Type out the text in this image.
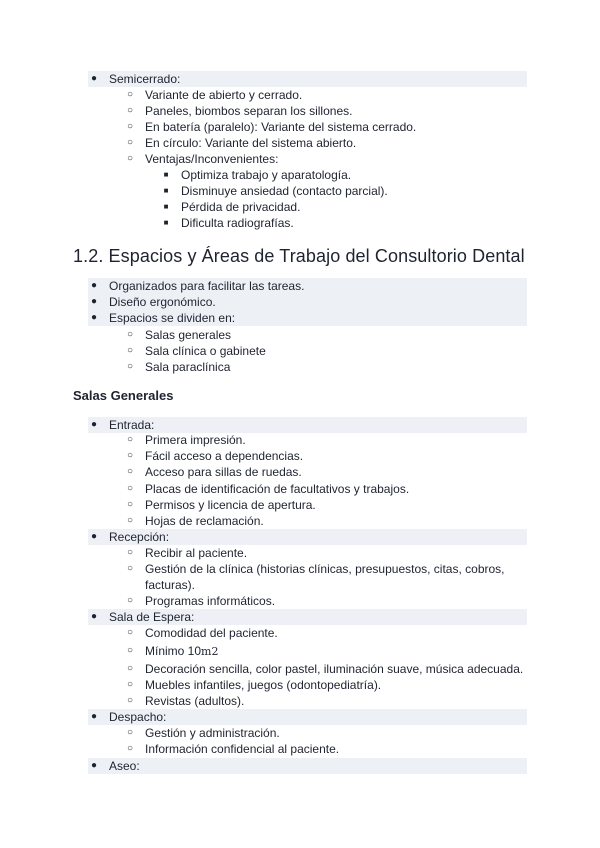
● Semicerrado:
○ Variante de abierto y cerrado.
○ Paneles, biombos separan los sillones.
○ En batería (paralelo): Variante del sistema cerrado.
○ En círculo: Variante del sistema abierto.
○ Ventajas/Inconvenientes:
■ Optimiza trabajo y aparatología.
■ Disminuye ansiedad (contacto parcial).
■ Pérdida de privacidad.
■ Dificulta radiografías.
1.2. Espacios y Áreas de Trabajo del Consultorio Dental
● Organizados para facilitar las tareas.
● Diseño ergonómico.
● Espacios se dividen en:
○ Salas generales
○ Sala clínica o gabinete
○ Sala paraclínica
Salas Generales
● Entrada:
○ Primera impresión.
○ Fácil acceso a dependencias.
○ Acceso para sillas de ruedas.
○ Placas de identificación de facultativos y trabajos.
○ Permisos y licencia de apertura.
○ Hojas de reclamación.
● Recepción:
○ Recibir al paciente.
○ Gestión de la clínica (historias clínicas, presupuestos, citas, cobros,
facturas).
○ Programas informáticos.
● Sala de Espera:
○ Comodidad del paciente.
○ Mínimo 10m2
○ Decoración sencilla, color pastel, iluminación suave, música adecuada.
○ Muebles infantiles, juegos (odontopediatría).
○ Revistas (adultos).
● Despacho:
○ Gestión y administración.
○ Información confidencial al paciente.
● Aseo:
